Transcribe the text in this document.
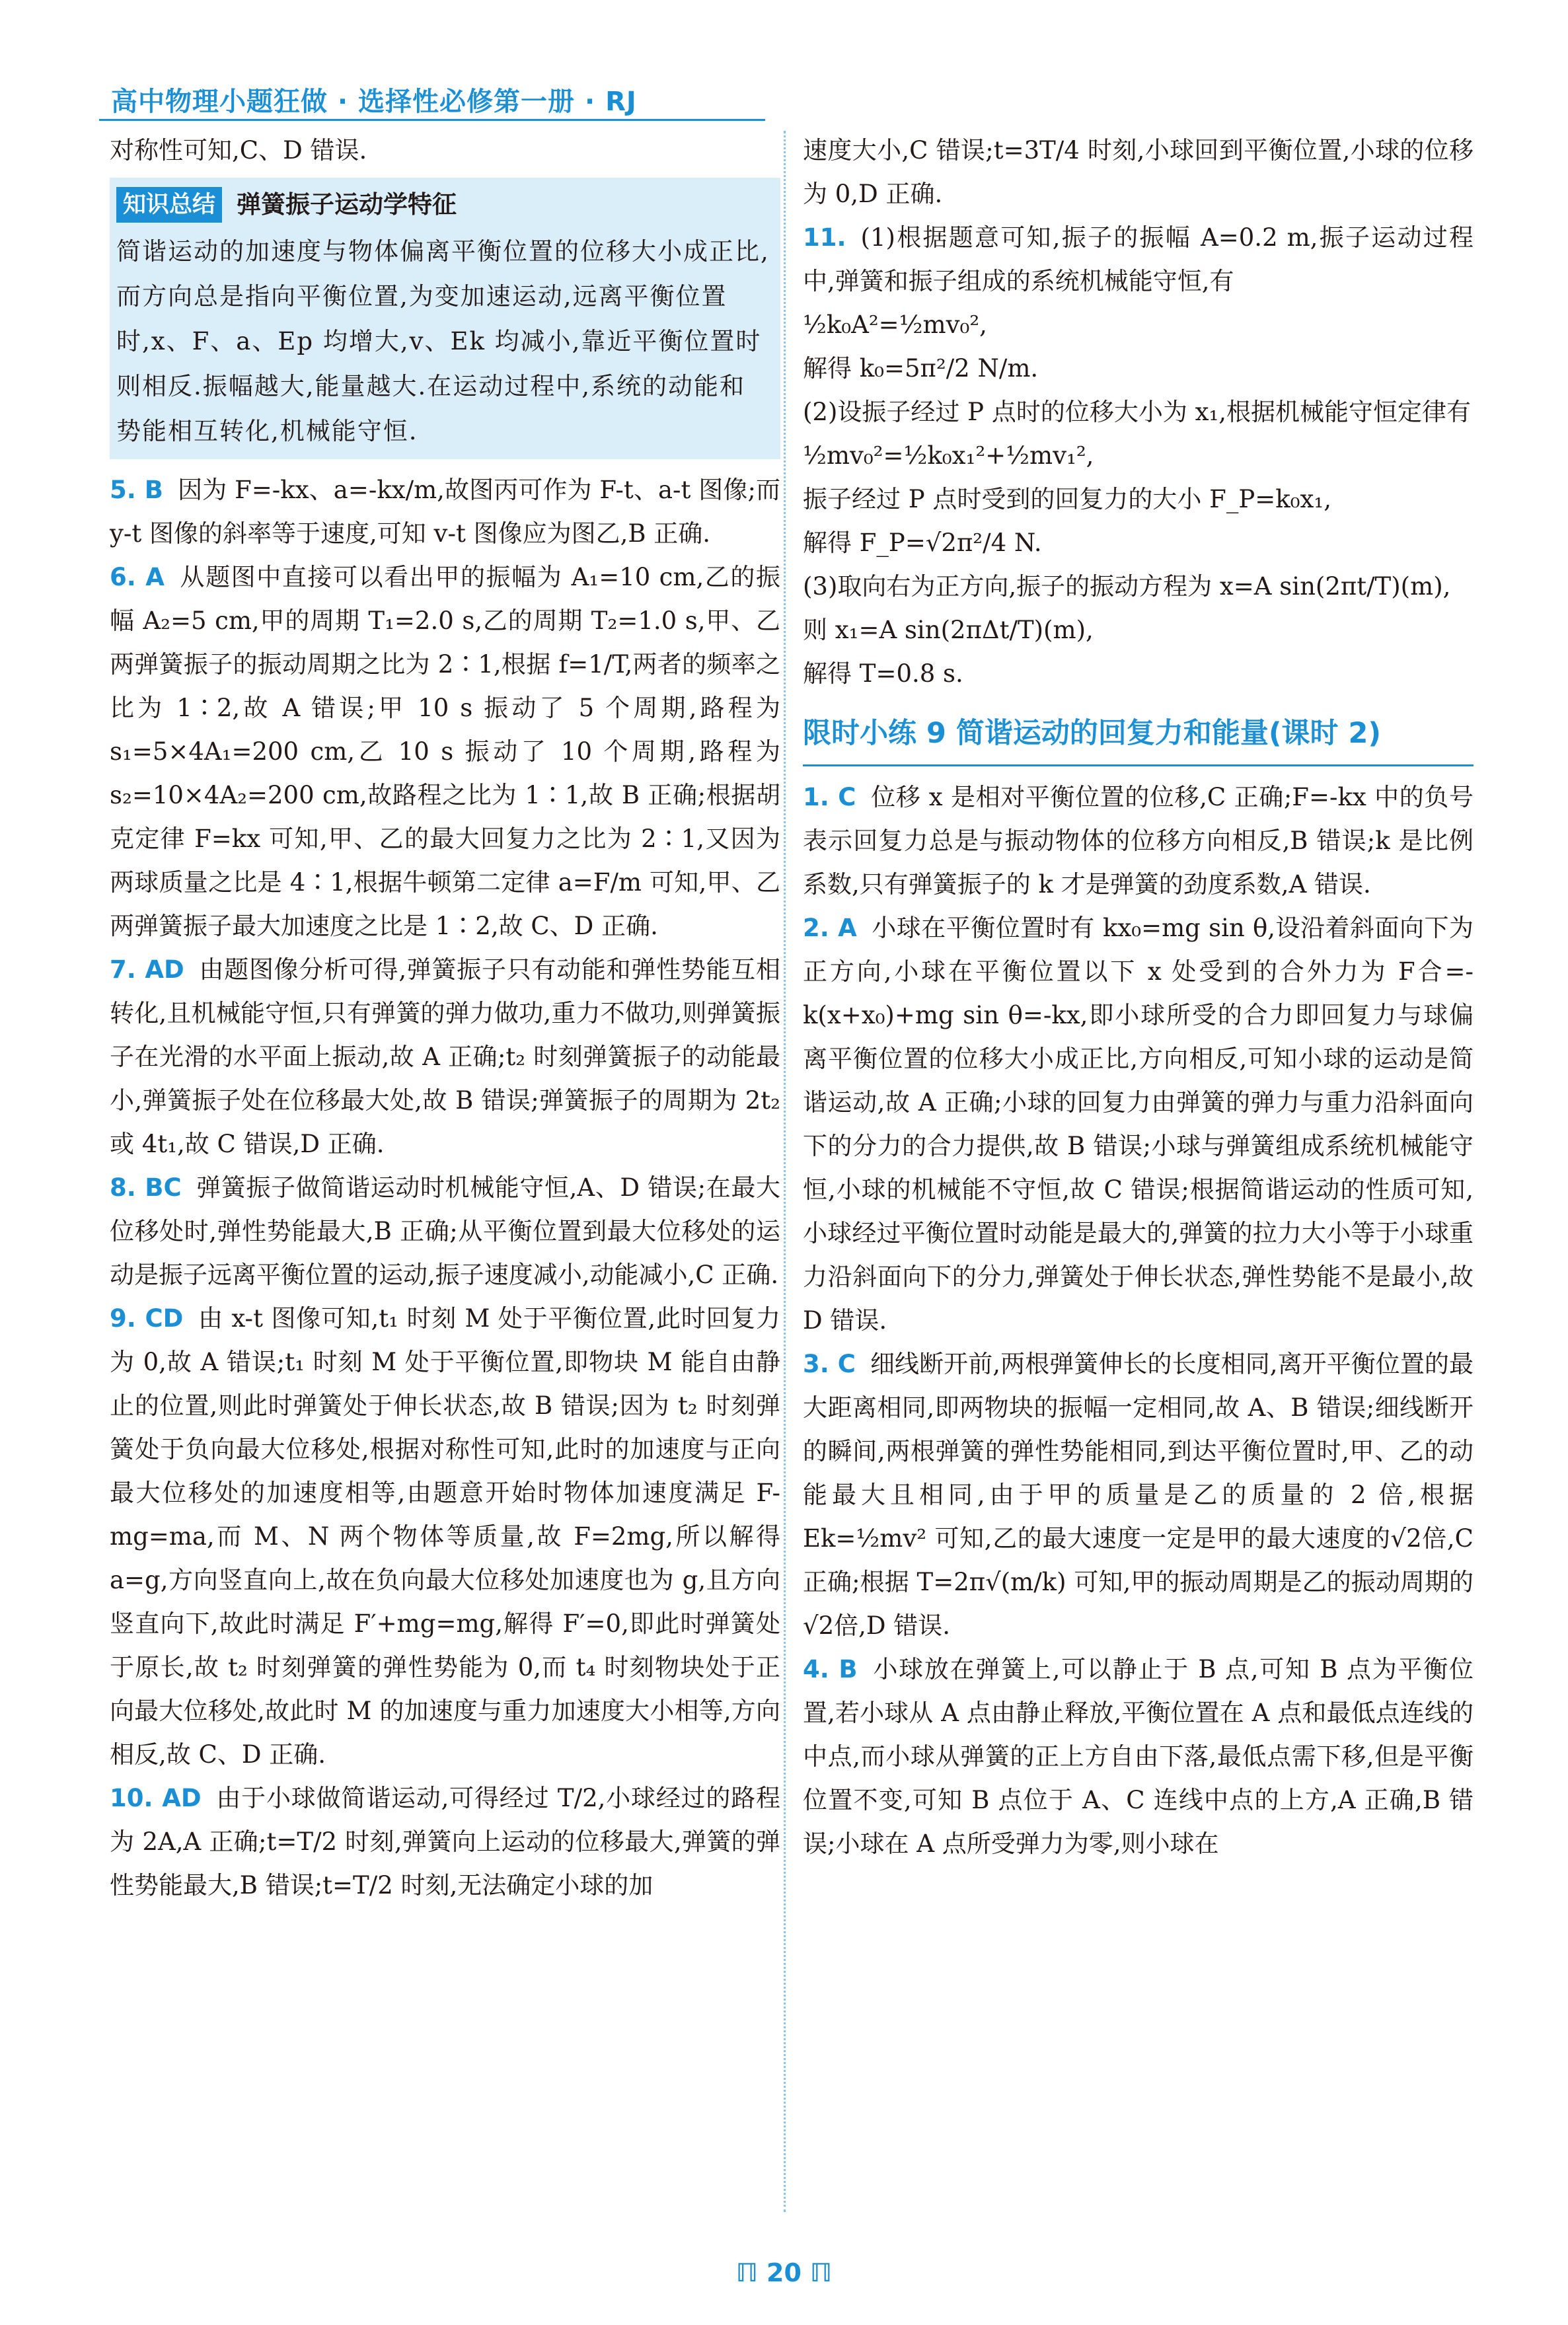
高中物理小题狂做 · 选择性必修第一册 · RJ

对称性可知,C、D 错误.

知识总结 弹簧振子运动学特征
简谐运动的加速度与物体偏离平衡位置的位移大小成正比,而方向总是指向平衡位置,为变加速运动,远离平衡位置时,x、F、a、Ep 均增大,v、Ek 均减小,靠近平衡位置时则相反.振幅越大,能量越大.在运动过程中,系统的动能和势能相互转化,机械能守恒.

5. B 因为 F=-kx、a=-kx/m,故图丙可作为 F-t、a-t 图像;而 y-t 图像的斜率等于速度,可知 v-t 图像应为图乙,B 正确.

6. A 从题图中直接可以看出甲的振幅为 A₁=10 cm,乙的振幅 A₂=5 cm,甲的周期 T₁=2.0 s,乙的周期 T₂=1.0 s,甲、乙两弹簧振子的振动周期之比为 2∶1,根据 f=1/T,两者的频率之比为 1∶2,故 A 错误;甲 10 s 振动了 5 个周期,路程为 s₁=5×4A₁=200 cm,乙 10 s 振动了 10 个周期,路程为 s₂=10×4A₂=200 cm,故路程之比为 1∶1,故 B 正确;根据胡克定律 F=kx 可知,甲、乙的最大回复力之比为 2∶1,又因为两球质量之比是 4∶1,根据牛顿第二定律 a=F/m 可知,甲、乙两弹簧振子最大加速度之比是 1∶2,故 C、D 正确.

7. AD 由题图像分析可得,弹簧振子只有动能和弹性势能互相转化,且机械能守恒,只有弹簧的弹力做功,重力不做功,则弹簧振子在光滑的水平面上振动,故 A 正确;t₂ 时刻弹簧振子的动能最小,弹簧振子处在位移最大处,故 B 错误;弹簧振子的周期为 2t₂ 或 4t₁,故 C 错误,D 正确.

8. BC 弹簧振子做简谐运动时机械能守恒,A、D 错误;在最大位移处时,弹性势能最大,B 正确;从平衡位置到最大位移处的运动是振子远离平衡位置的运动,振子速度减小,动能减小,C 正确.

9. CD 由 x-t 图像可知,t₁ 时刻 M 处于平衡位置,此时回复力为 0,故 A 错误;t₁ 时刻 M 处于平衡位置,即物块 M 能自由静止的位置,则此时弹簧处于伸长状态,故 B 错误;因为 t₂ 时刻弹簧处于负向最大位移处,根据对称性可知,此时的加速度与正向最大位移处的加速度相等,由题意开始时物体加速度满足 F-mg=ma,而 M、N 两个物体等质量,故 F=2mg,所以解得 a=g,方向竖直向上,故在负向最大位移处加速度也为 g,且方向竖直向下,故此时满足 F′+mg=mg,解得 F′=0,即此时弹簧处于原长,故 t₂ 时刻弹簧的弹性势能为 0,而 t₄ 时刻物块处于正向最大位移处,故此时 M 的加速度与重力加速度大小相等,方向相反,故 C、D 正确.

10. AD 由于小球做简谐运动,可得经过 T/2,小球经过的路程为 2A,A 正确;t=T/2 时刻,弹簧向上运动的位移最大,弹簧的弹性势能最大,B 错误;t=T/2 时刻,无法确定小球的加

速度大小,C 错误;t=3T/4 时刻,小球回到平衡位置,小球的位移为 0,D 正确.

11. (1)根据题意可知,振子的振幅 A=0.2 m,振子运动过程中,弹簧和振子组成的系统机械能守恒,有

½k₀A²=½mv₀²,

解得 k₀=5π²/2 N/m.

(2)设振子经过 P 点时的位移大小为 x₁,根据机械能守恒定律有

½mv₀²=½k₀x₁²+½mv₁²,

振子经过 P 点时受到的回复力的大小 F_P=k₀x₁,

解得 F_P=√2π²/4 N.

(3)取向右为正方向,振子的振动方程为 x=A sin(2πt/T)(m),

则 x₁=A sin(2πΔt/T)(m),

解得 T=0.8 s.

限时小练 9 简谐运动的回复力和能量(课时 2)

1. C 位移 x 是相对平衡位置的位移,C 正确;F=-kx 中的负号表示回复力总是与振动物体的位移方向相反,B 错误;k 是比例系数,只有弹簧振子的 k 才是弹簧的劲度系数,A 错误.

2. A 小球在平衡位置时有 kx₀=mg sin θ,设沿着斜面向下为正方向,小球在平衡位置以下 x 处受到的合外力为 F合=-k(x+x₀)+mg sin θ=-kx,即小球所受的合力即回复力与球偏离平衡位置的位移大小成正比,方向相反,可知小球的运动是简谐运动,故 A 正确;小球的回复力由弹簧的弹力与重力沿斜面向下的分力的合力提供,故 B 错误;小球与弹簧组成系统机械能守恒,小球的机械能不守恒,故 C 错误;根据简谐运动的性质可知,小球经过平衡位置时动能是最大的,弹簧的拉力大小等于小球重力沿斜面向下的分力,弹簧处于伸长状态,弹性势能不是最小,故 D 错误.

3. C 细线断开前,两根弹簧伸长的长度相同,离开平衡位置的最大距离相同,即两物块的振幅一定相同,故 A、B 错误;细线断开的瞬间,两根弹簧的弹性势能相同,到达平衡位置时,甲、乙的动能最大且相同,由于甲的质量是乙的质量的 2 倍,根据 Ek=½mv² 可知,乙的最大速度一定是甲的最大速度的√2倍,C 正确;根据 T=2π√(m/k) 可知,甲的振动周期是乙的振动周期的√2倍,D 错误.

4. B 小球放在弹簧上,可以静止于 B 点,可知 B 点为平衡位置,若小球从 A 点由静止释放,平衡位置在 A 点和最低点连线的中点,而小球从弹簧的正上方自由下落,最低点需下移,但是平衡位置不变,可知 B 点位于 A、C 连线中点的上方,A 正确,B 错误;小球在 A 点所受弹力为零,则小球在

ℿ 20 ℿ
